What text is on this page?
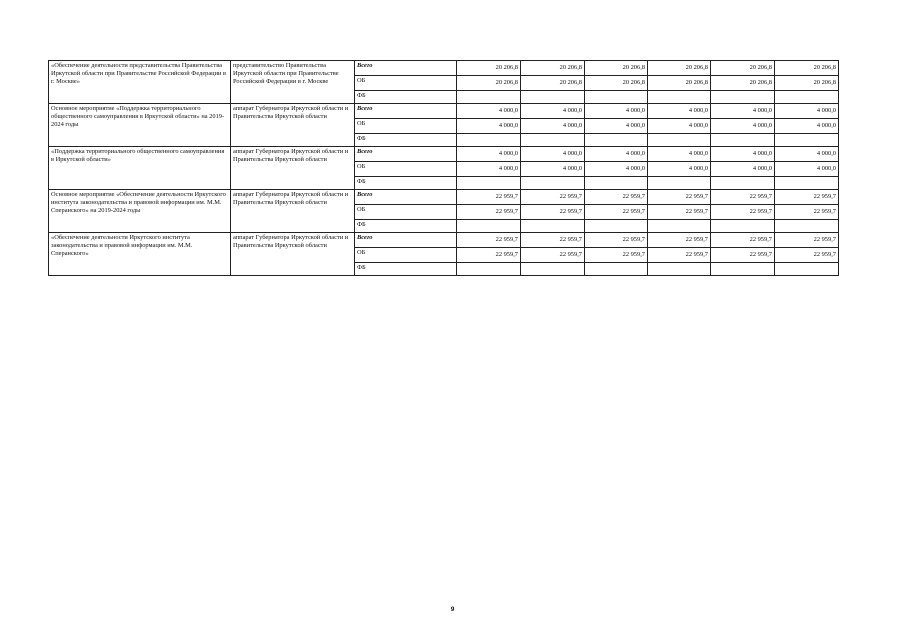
«Обеспечение деятельности представительства Правительства Иркутской области при Правительстве Российской Федерации в г. Москве»	представительство Правительства Иркутской области при Правительстве Российской Федерации в г. Москве	Всего	20 206,8	20 206,8	20 206,8	20 206,8	20 206,8	20 206,8
		ОБ	20 206,8	20 206,8	20 206,8	20 206,8	20 206,8	20 206,8
		ФБ						
Основное мероприятие «Поддержка территориального общественного самоуправления в Иркутской области» на 2019-2024 годы	аппарат Губернатора Иркутской области и Правительства Иркутской области	Всего	4 000,0	4 000,0	4 000,0	4 000,0	4 000,0	4 000,0
		ОБ	4 000,0	4 000,0	4 000,0	4 000,0	4 000,0	4 000,0
		ФБ						
«Поддержка территориального общественного самоуправления в Иркутской области»	аппарат Губернатора Иркутской области и Правительства Иркутской области	Всего	4 000,0	4 000,0	4 000,0	4 000,0	4 000,0	4 000,0
		ОБ	4 000,0	4 000,0	4 000,0	4 000,0	4 000,0	4 000,0
		ФБ						
Основное мероприятие «Обеспечение деятельности Иркутского института законодательства и правовой информации им. М.М. Сперанского» на 2019-2024 годы	аппарат Губернатора Иркутской области и Правительства Иркутской области	Всего	22 959,7	22 959,7	22 959,7	22 959,7	22 959,7	22 959,7
		ОБ	22 959,7	22 959,7	22 959,7	22 959,7	22 959,7	22 959,7
		ФБ						
«Обеспечение деятельности Иркутского института законодательства и правовой информации им. М.М. Сперанского»	аппарат Губернатора Иркутской области и Правительства Иркутской области	Всего	22 959,7	22 959,7	22 959,7	22 959,7	22 959,7	22 959,7
		ОБ	22 959,7	22 959,7	22 959,7	22 959,7	22 959,7	22 959,7
		ФБ						
9
